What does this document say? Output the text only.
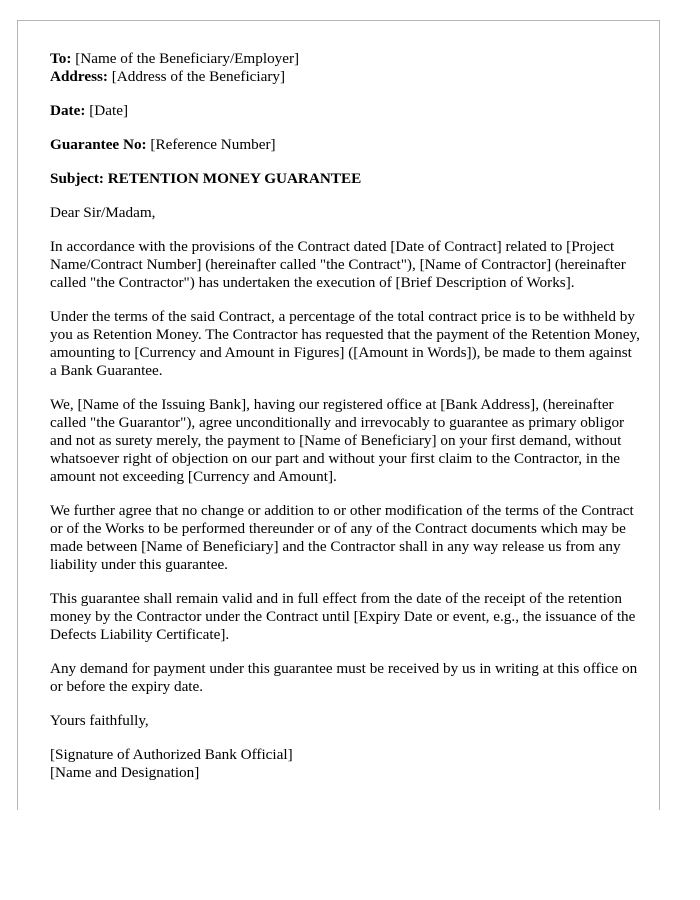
To: [Name of the Beneficiary/Employer]

Address: [Address of the Beneficiary]

Date: [Date]

Guarantee No: [Reference Number]

Subject: RETENTION MONEY GUARANTEE

Dear Sir/Madam,

In accordance with the provisions of the Contract dated [Date of Contract] related to [Project Name/Contract Number] (hereinafter called "the Contract"), [Name of Contractor] (hereinafter called "the Contractor") has undertaken the execution of [Brief Description of Works].

Under the terms of the said Contract, a percentage of the total contract price is to be withheld by you as Retention Money. The Contractor has requested that the payment of the Retention Money, amounting to [Currency and Amount in Figures] ([Amount in Words]), be made to them against a Bank Guarantee.

We, [Name of the Issuing Bank], having our registered office at [Bank Address], (hereinafter called "the Guarantor"), agree unconditionally and irrevocably to guarantee as primary obligor and not as surety merely, the payment to [Name of Beneficiary] on your first demand, without whatsoever right of objection on our part and without your first claim to the Contractor, in the amount not exceeding [Currency and Amount].

We further agree that no change or addition to or other modification of the terms of the Contract or of the Works to be performed thereunder or of any of the Contract documents which may be made between [Name of Beneficiary] and the Contractor shall in any way release us from any liability under this guarantee.

This guarantee shall remain valid and in full effect from the date of the receipt of the retention money by the Contractor under the Contract until [Expiry Date or event, e.g., the issuance of the Defects Liability Certificate].

Any demand for payment under this guarantee must be received by us in writing at this office on or before the expiry date.

Yours faithfully,

[Signature of Authorized Bank Official]

[Name and Designation]
